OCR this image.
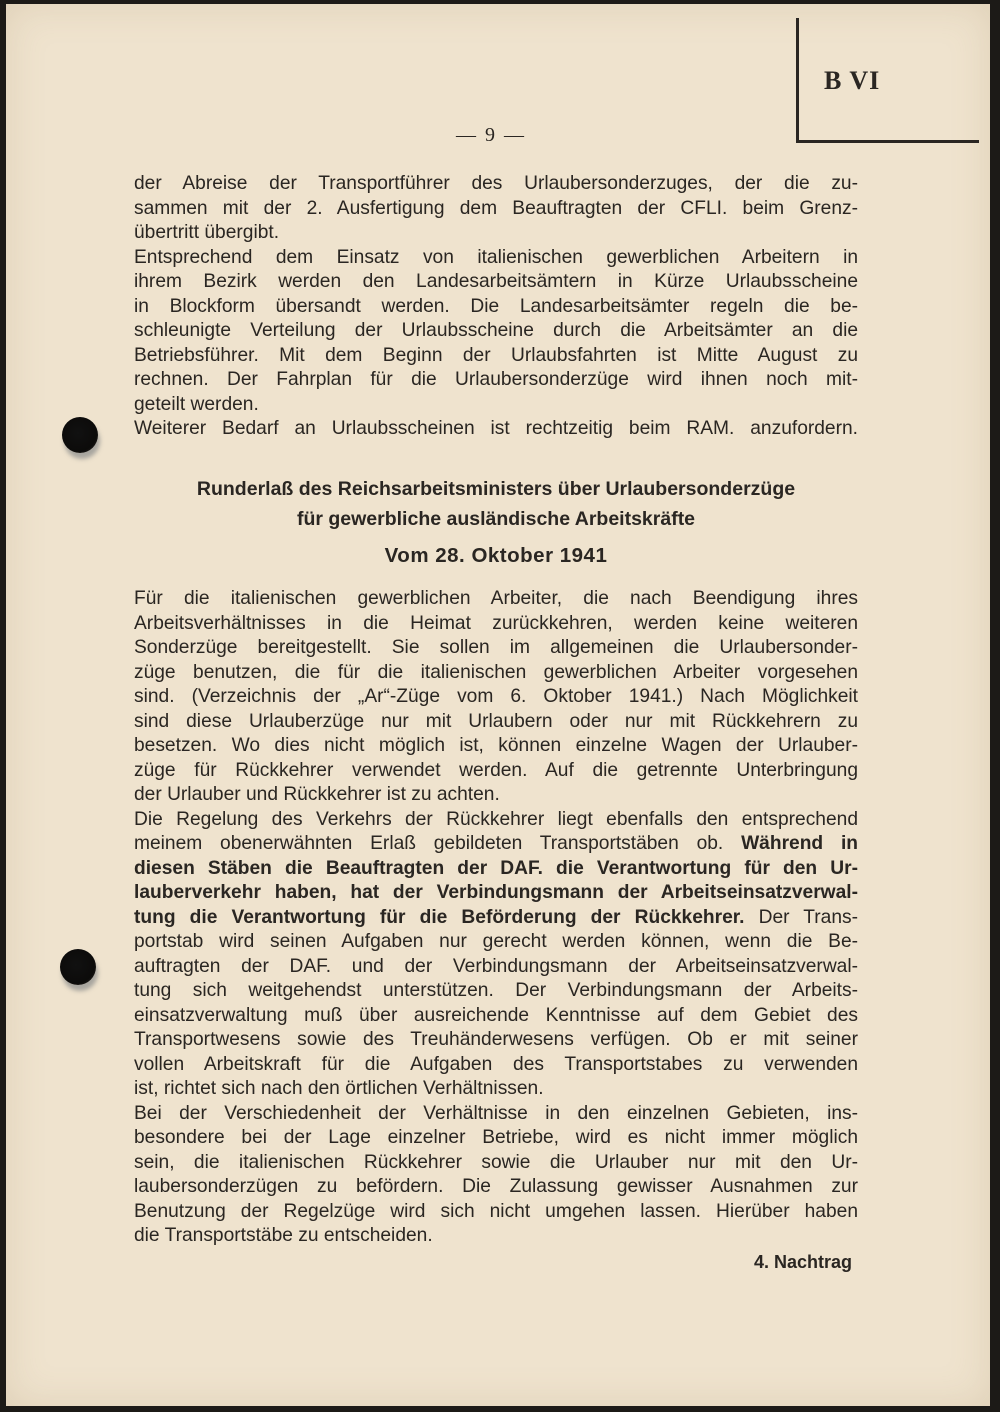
B VI
— 9 —
der Abreise der Transportführer des Urlaubersonderzuges, der die zu-
sammen mit der 2. Ausfertigung dem Beauftragten der CFLI. beim Grenz-
übertritt übergibt.
Entsprechend dem Einsatz von italienischen gewerblichen Arbeitern in
ihrem Bezirk werden den Landesarbeitsämtern in Kürze Urlaubsscheine
in Blockform übersandt werden. Die Landesarbeitsämter regeln die be-
schleunigte Verteilung der Urlaubsscheine durch die Arbeitsämter an die
Betriebsführer. Mit dem Beginn der Urlaubsfahrten ist Mitte August zu
rechnen. Der Fahrplan für die Urlaubersonderzüge wird ihnen noch mit-
geteilt werden.
Weiterer Bedarf an Urlaubsscheinen ist rechtzeitig beim RAM. anzufordern.
Runderlaß des Reichsarbeitsministers über Urlaubersonderzüge
für gewerbliche ausländische Arbeitskräfte
Vom 28. Oktober 1941
Für die italienischen gewerblichen Arbeiter, die nach Beendigung ihres
Arbeitsverhältnisses in die Heimat zurückkehren, werden keine weiteren
Sonderzüge bereitgestellt. Sie sollen im allgemeinen die Urlaubersonder-
züge benutzen, die für die italienischen gewerblichen Arbeiter vorgesehen
sind. (Verzeichnis der „Ar“-Züge vom 6. Oktober 1941.) Nach Möglichkeit
sind diese Urlauberzüge nur mit Urlaubern oder nur mit Rückkehrern zu
besetzen. Wo dies nicht möglich ist, können einzelne Wagen der Urlauber-
züge für Rückkehrer verwendet werden. Auf die getrennte Unterbringung
der Urlauber und Rückkehrer ist zu achten.
Die Regelung des Verkehrs der Rückkehrer liegt ebenfalls den entsprechend
meinem obenerwähnten Erlaß gebildeten Transportstäben ob. Während in
diesen Stäben die Beauftragten der DAF. die Verantwortung für den Ur-
lauberverkehr haben, hat der Verbindungsmann der Arbeitseinsatzverwal-
tung die Verantwortung für die Beförderung der Rückkehrer. Der Trans-
portstab wird seinen Aufgaben nur gerecht werden können, wenn die Be-
auftragten der DAF. und der Verbindungsmann der Arbeitseinsatzverwal-
tung sich weitgehendst unterstützen. Der Verbindungsmann der Arbeits-
einsatzverwaltung muß über ausreichende Kenntnisse auf dem Gebiet des
Transportwesens sowie des Treuhänderwesens verfügen. Ob er mit seiner
vollen Arbeitskraft für die Aufgaben des Transportstabes zu verwenden
ist, richtet sich nach den örtlichen Verhältnissen.
Bei der Verschiedenheit der Verhältnisse in den einzelnen Gebieten, ins-
besondere bei der Lage einzelner Betriebe, wird es nicht immer möglich
sein, die italienischen Rückkehrer sowie die Urlauber nur mit den Ur-
laubersonderzügen zu befördern. Die Zulassung gewisser Ausnahmen zur
Benutzung der Regelzüge wird sich nicht umgehen lassen. Hierüber haben
die Transportstäbe zu entscheiden.
4. Nachtrag
